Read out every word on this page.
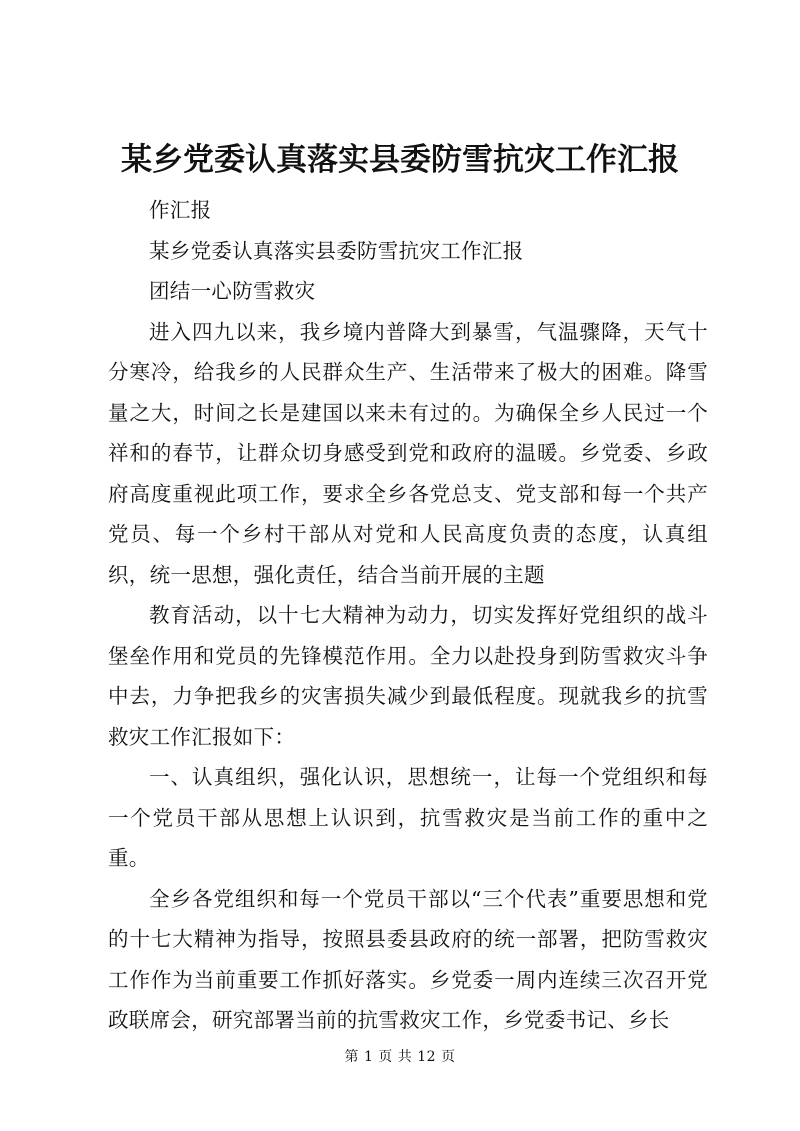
某乡党委认真落实县委防雪抗灾工作汇报

作汇报

某乡党委认真落实县委防雪抗灾工作汇报

团结一心防雪救灾

进入四九以来，我乡境内普降大到暴雪，气温骤降，天气十分寒冷，给我乡的人民群众生产、生活带来了极大的困难。降雪量之大，时间之长是建国以来未有过的。为确保全乡人民过一个祥和的春节，让群众切身感受到党和政府的温暖。乡党委、乡政府高度重视此项工作，要求全乡各党总支、党支部和每一个共产党员、每一个乡村干部从对党和人民高度负责的态度，认真组织，统一思想，强化责任，结合当前开展的主题

教育活动，以十七大精神为动力，切实发挥好党组织的战斗堡垒作用和党员的先锋模范作用。全力以赴投身到防雪救灾斗争中去，力争把我乡的灾害损失减少到最低程度。现就我乡的抗雪救灾工作汇报如下：

一、认真组织，强化认识，思想统一，让每一个党组织和每一个党员干部从思想上认识到，抗雪救灾是当前工作的重中之重。

全乡各党组织和每一个党员干部以“三个代表”重要思想和党的十七大精神为指导，按照县委县政府的统一部署，把防雪救灾工作作为当前重要工作抓好落实。乡党委一周内连续三次召开党政联席会，研究部署当前的抗雪救灾工作，乡党委书记、乡长

第 1 页 共 12 页
